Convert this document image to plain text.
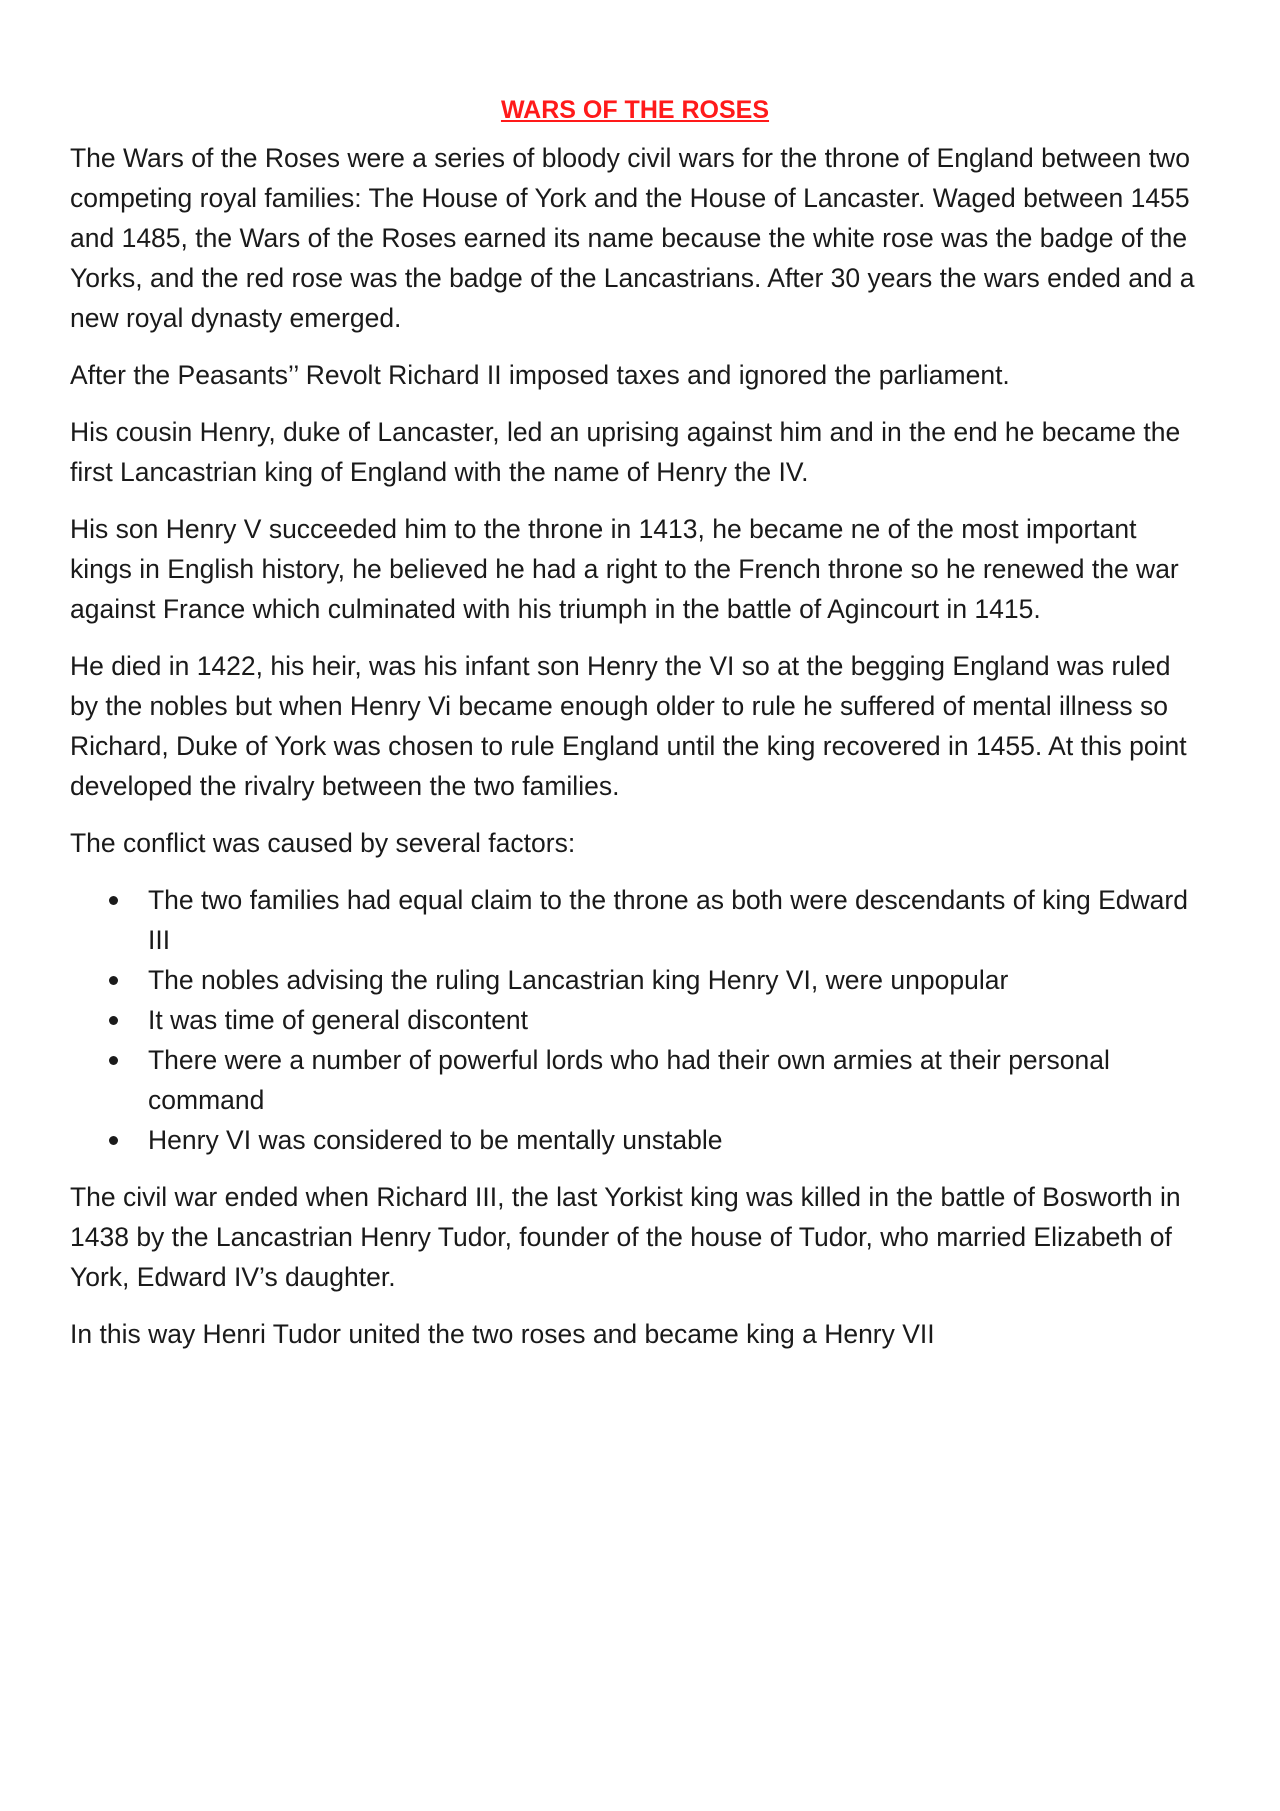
WARS OF THE ROSES

The Wars of the Roses were a series of bloody civil wars for the throne of England between two competing royal families: The House of York and the House of Lancaster. Waged between 1455 and 1485, the Wars of the Roses earned its name because the white rose was the badge of the Yorks, and the red rose was the badge of the Lancastrians. After 30 years the wars ended and a new royal dynasty emerged.

After the Peasants’’ Revolt Richard II imposed taxes and ignored the parliament.

His cousin Henry, duke of Lancaster, led an uprising against him and in the end he became the first Lancastrian king of England with the name of Henry the IV.

His son Henry V succeeded him to the throne in 1413, he became ne of the most important kings in English history, he believed he had a right to the French throne so he renewed the war against France which culminated with his triumph in the battle of Agincourt in 1415.

He died in 1422, his heir, was his infant son Henry the VI so at the begging England was ruled by the nobles but when Henry Vi became enough older to rule he suffered of mental illness so Richard, Duke of York was chosen to rule England until the king recovered in 1455. At this point developed the rivalry between the two families.

The conflict was caused by several factors:

The two families had equal claim to the throne as both were descendants of king Edward III
The nobles advising the ruling Lancastrian king Henry VI, were unpopular
It was time of general discontent
There were a number of powerful lords who had their own armies at their personal command
Henry VI was considered to be mentally unstable

The civil war ended when Richard III, the last Yorkist king was killed in the battle of Bosworth in 1438 by the Lancastrian Henry Tudor, founder of the house of Tudor, who married Elizabeth of York, Edward IV’s daughter.

In this way Henri Tudor united the two roses and became king a Henry VII
